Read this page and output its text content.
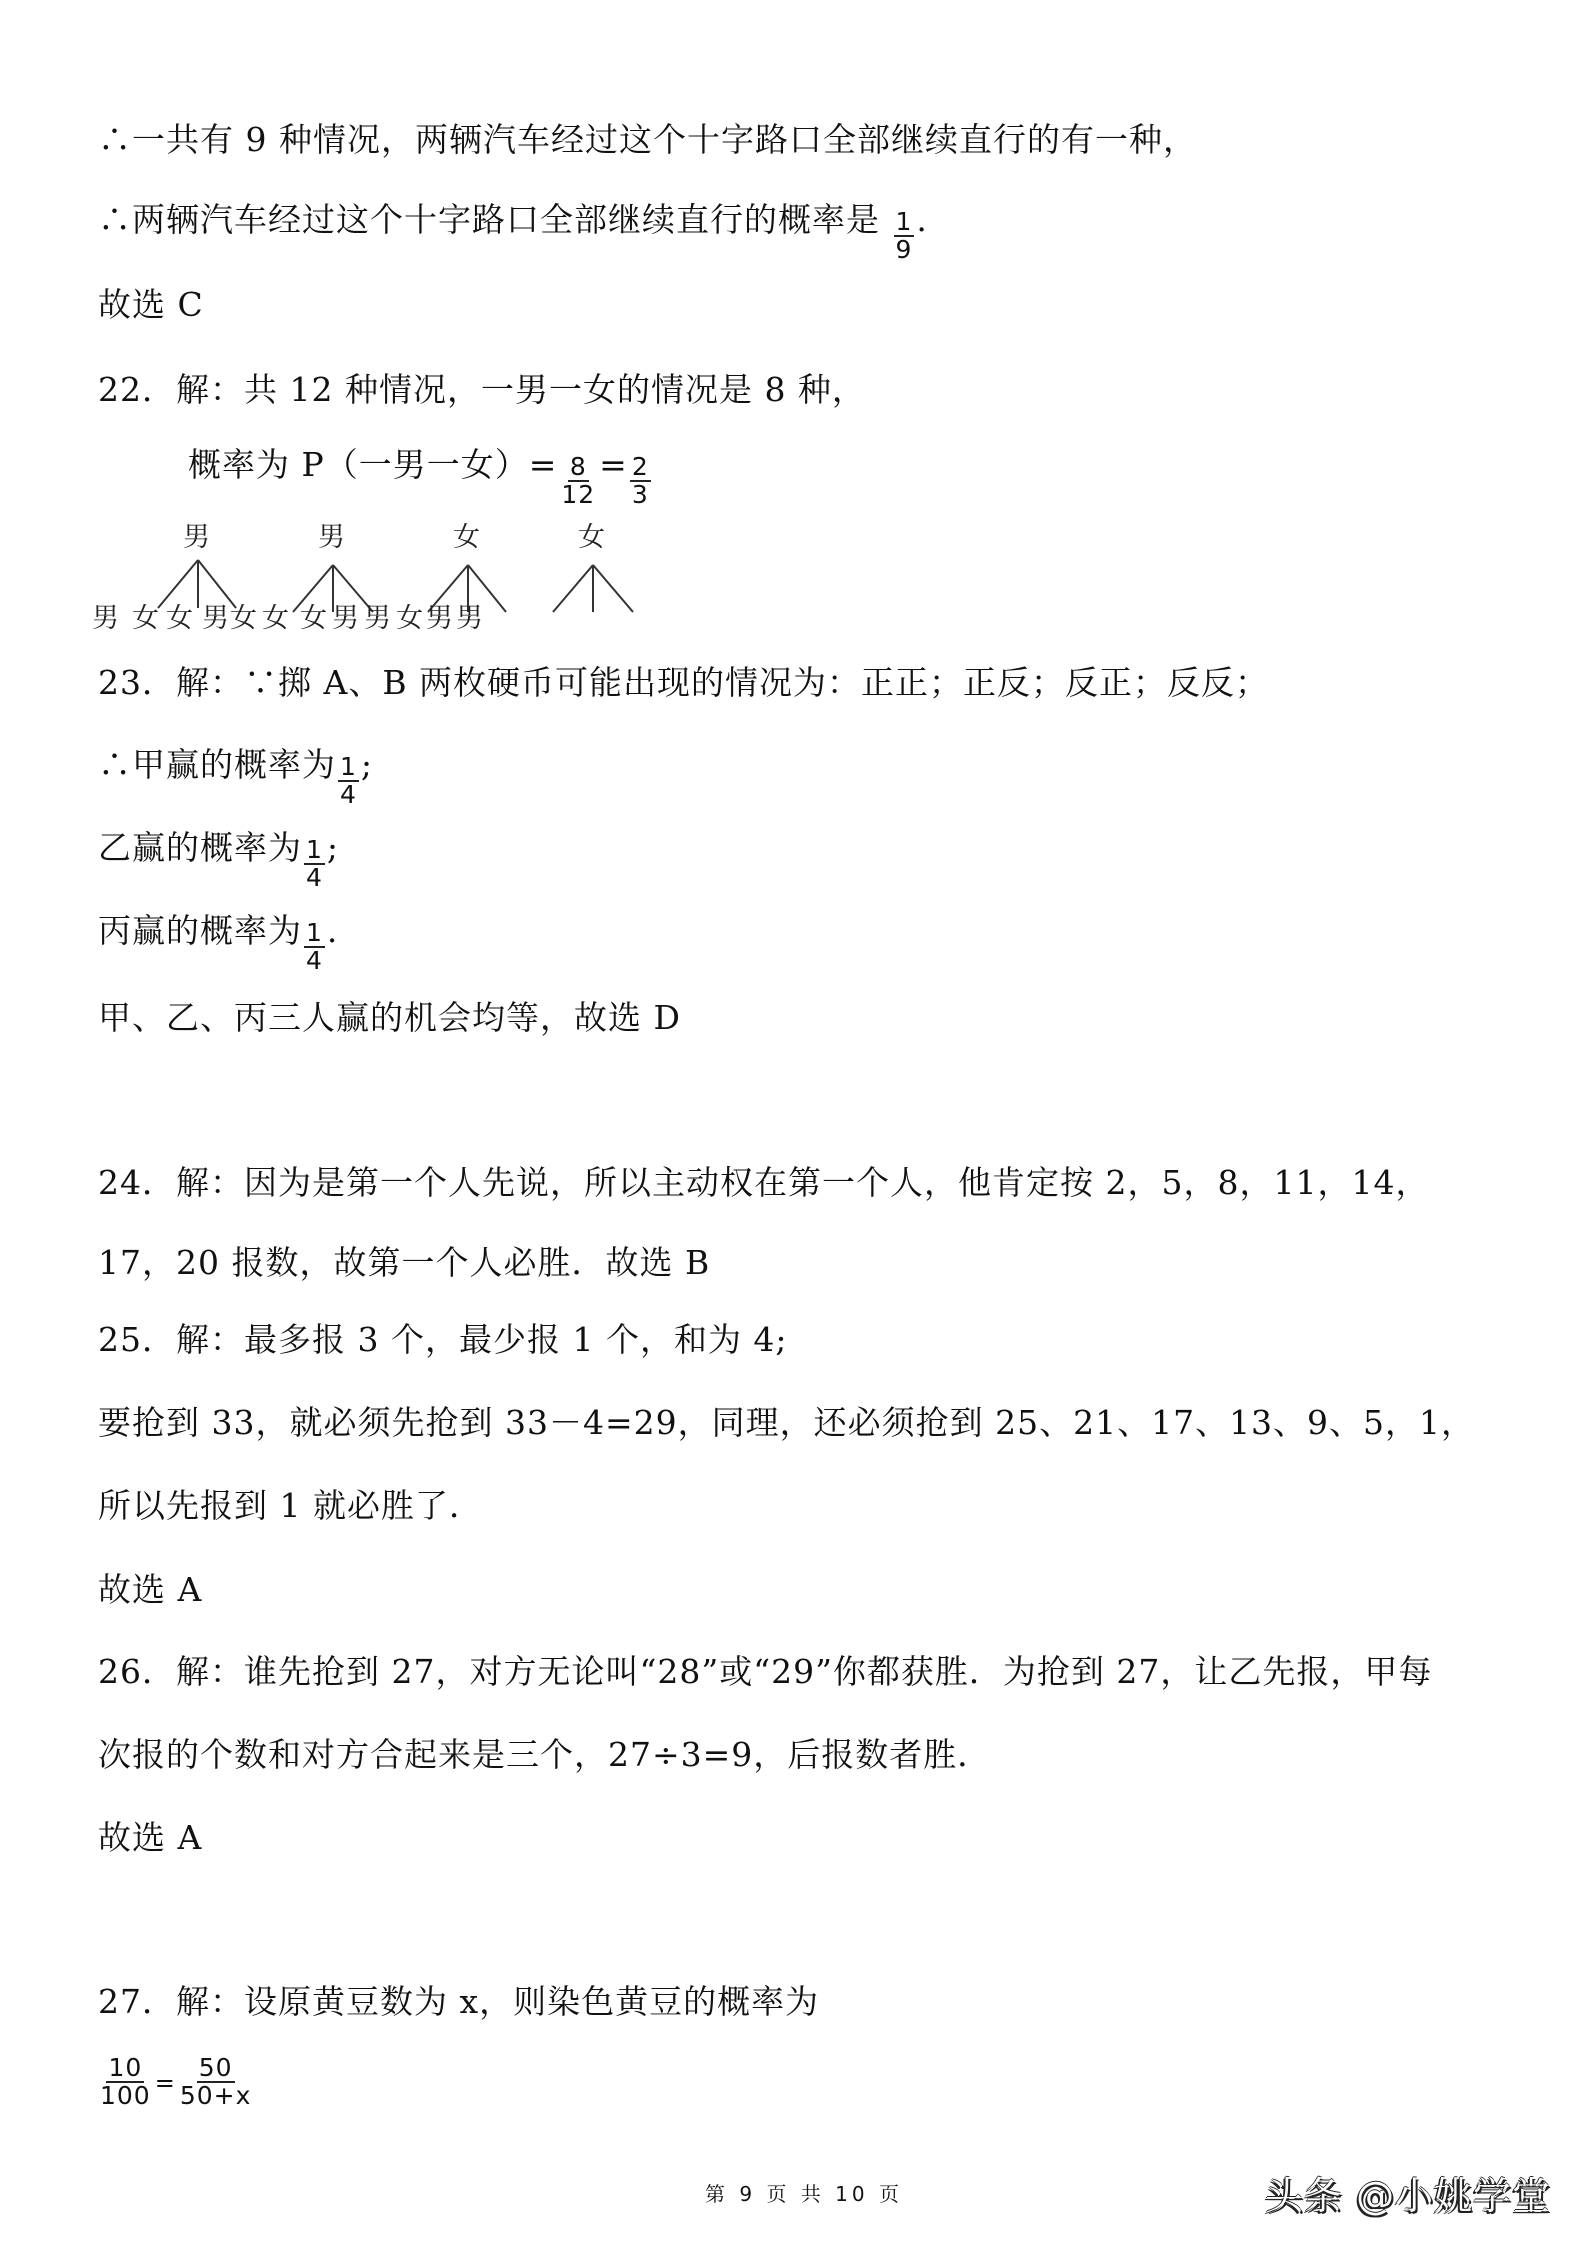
∴一共有 9 种情况，两辆汽车经过这个十字路口全部继续直行的有一种，
∴两辆汽车经过这个十字路口全部继续直行的概率是 $\frac{1}{9}$ .
故选 C
22．解：共 12 种情况，一男一女的情况是 8 种，
概率为 P（一男一女）= $\frac{8}{12} = \frac{2}{3}$
男	男	女	女
男 女 女 男 女 女 女 男 男 女 男 男
23．解：∵掷 A、B 两枚硬币可能出现的情况为：正正；正反；反正；反反；
∴甲赢的概率为 $\frac{1}{4}$ ;
乙赢的概率为 $\frac{1}{4}$ ;
丙赢的概率为 $\frac{1}{4}$ .
甲、乙、丙三人赢的机会均等，故选 D
24．解：因为是第一个人先说，所以主动权在第一个人，他肯定按 2，5，8，11，14，
17，20 报数，故第一个人必胜．故选 B
25．解：最多报 3 个，最少报 1 个，和为 4;
要抢到 33，就必须先抢到 33－4=29，同理，还必须抢到 25、21、17、13、9、5，1，
所以先报到 1 就必胜了．
故选 A
26．解：谁先抢到 27，对方无论叫“28”或“29”你都获胜．为抢到 27，让乙先报，甲每
次报的个数和对方合起来是三个，27÷3=9，后报数者胜．
故选 A
27．解：设原黄豆数为 x，则染色黄豆的概率为
$\frac{10}{100} = \frac{50}{50+x}$
第 9 页 共 10 页	头条 @小姚学堂
